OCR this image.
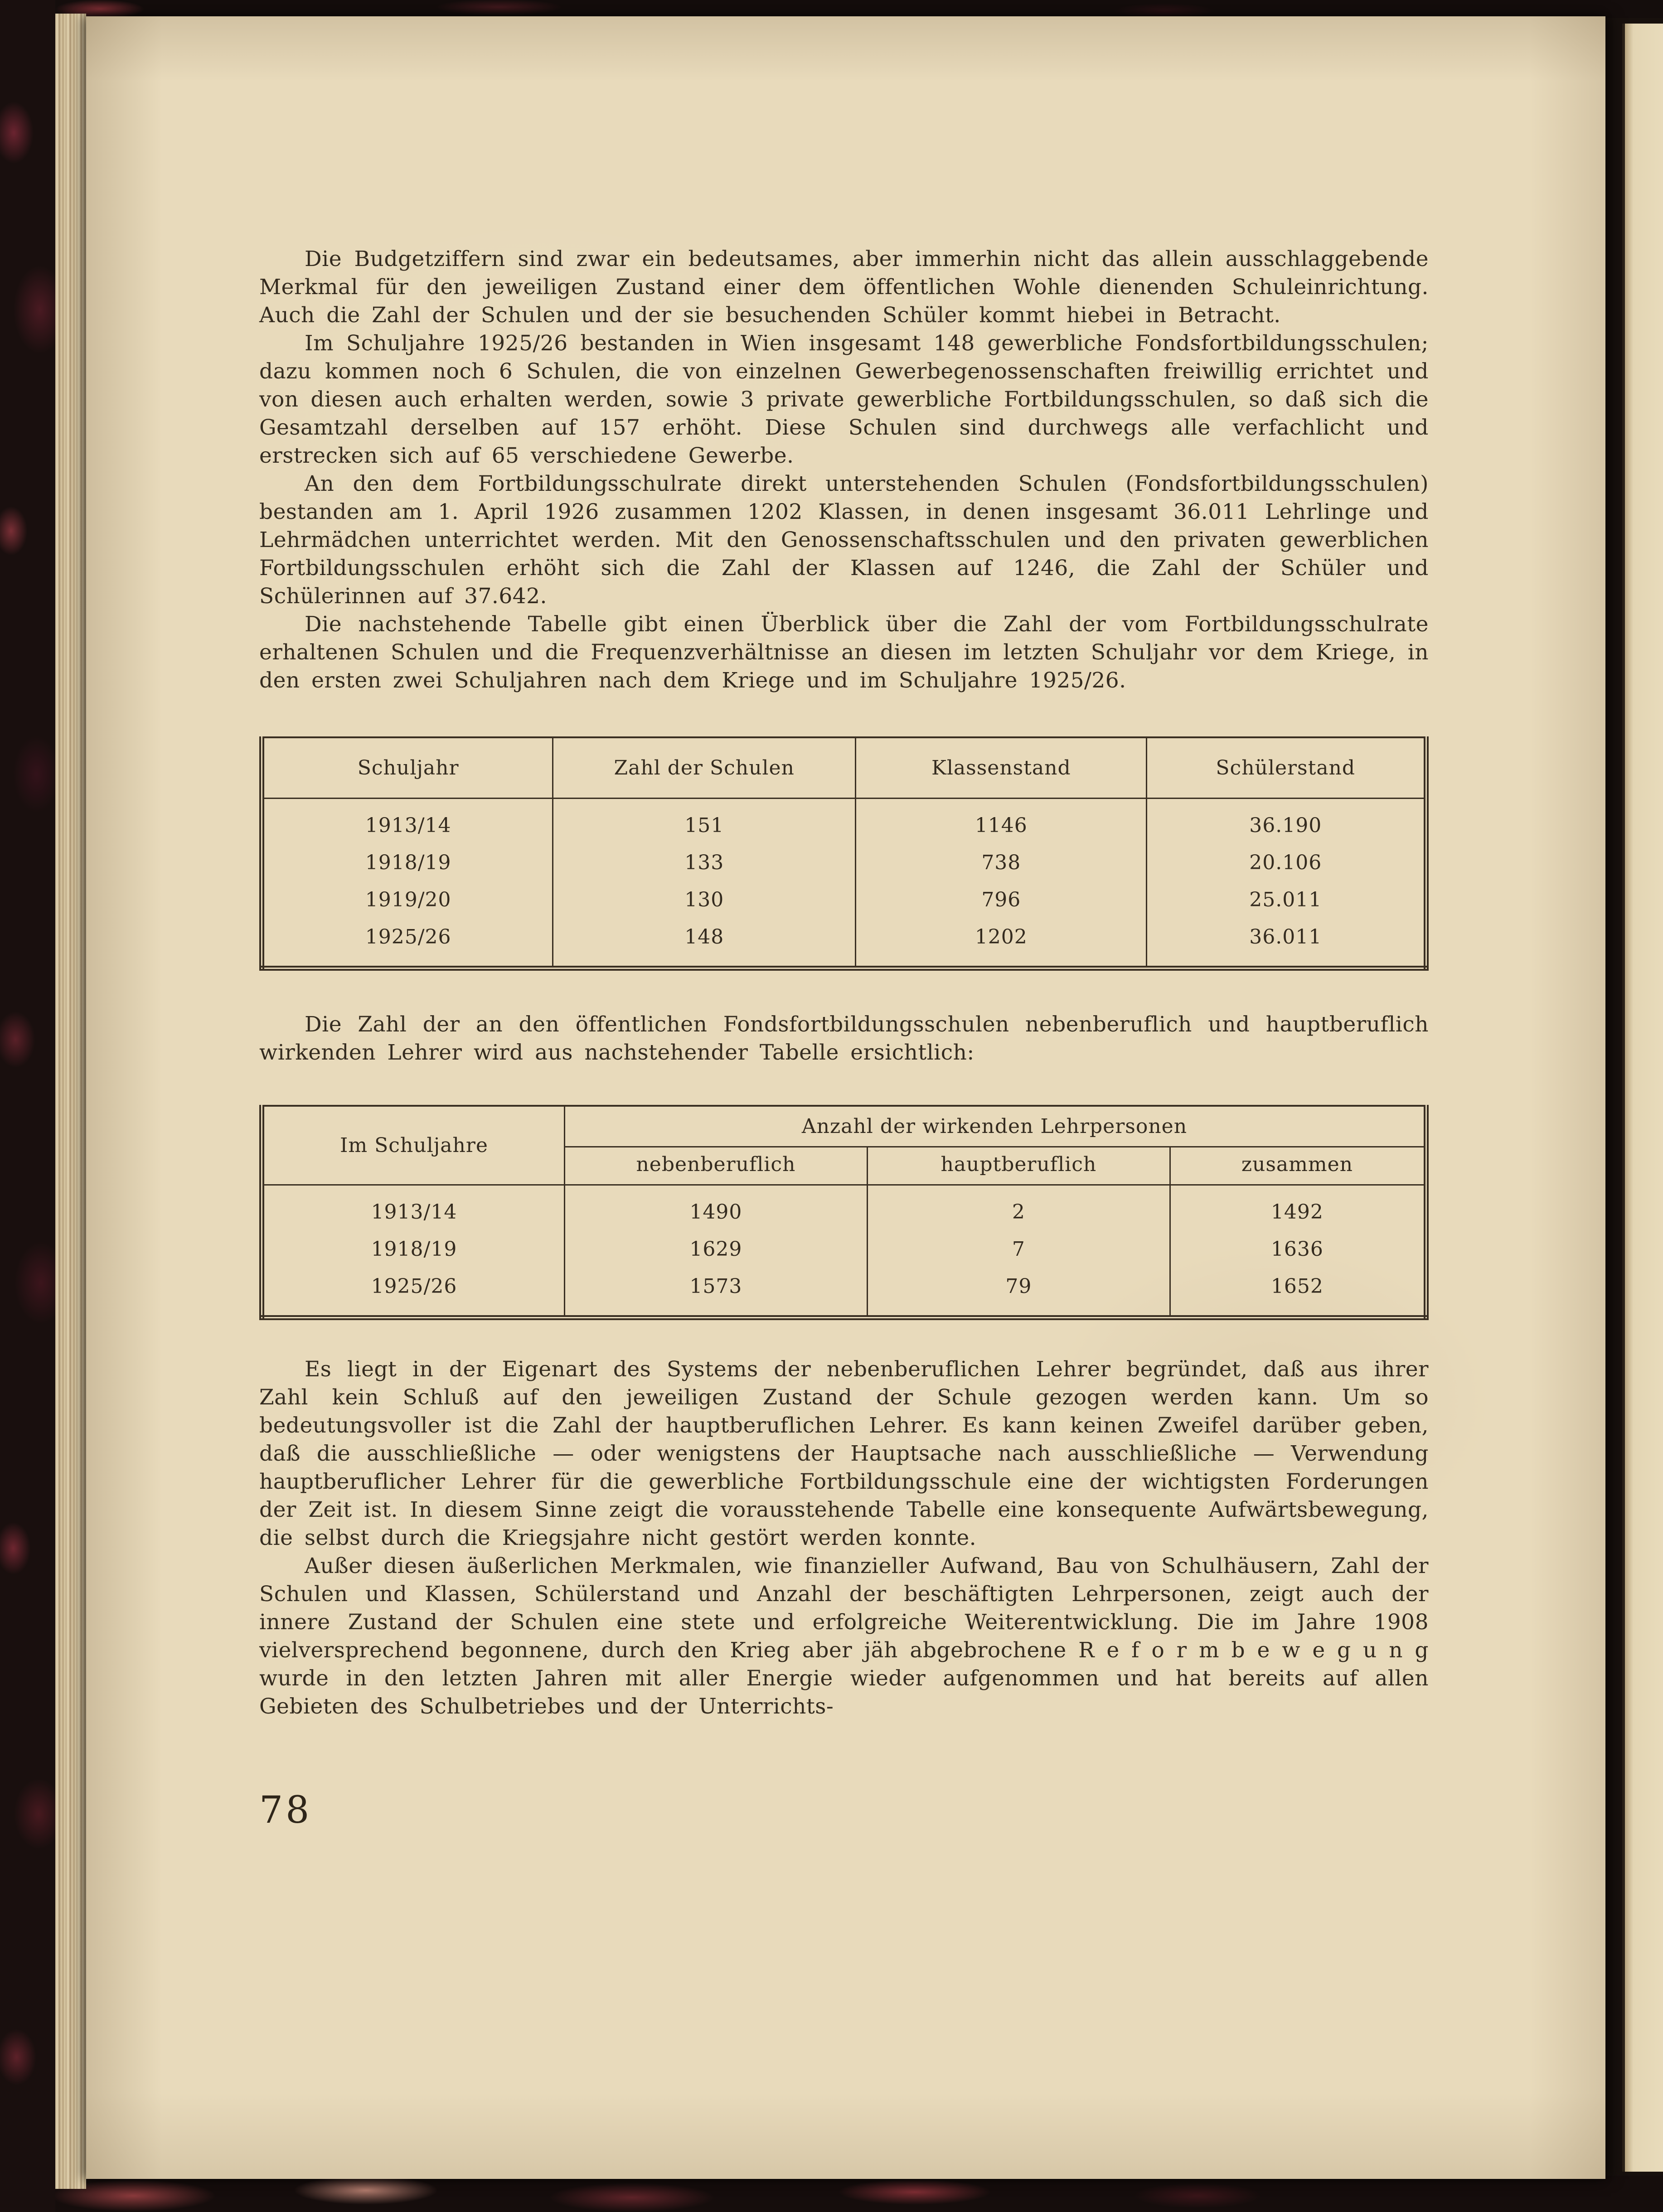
Die Budgetziffern sind zwar ein bedeutsames, aber immerhin nicht das allein ausschlaggebende Merkmal für den jeweiligen Zustand einer dem öffentlichen Wohle dienenden Schuleinrichtung. Auch die Zahl der Schulen und der sie besuchenden Schüler kommt hiebei in Betracht.

Im Schuljahre 1925/26 bestanden in Wien insgesamt 148 gewerbliche Fondsfortbildungsschulen; dazu kommen noch 6 Schulen, die von einzelnen Gewerbegenossenschaften freiwillig errichtet und von diesen auch erhalten werden, sowie 3 private gewerbliche Fortbildungsschulen, so daß sich die Gesamtzahl derselben auf 157 erhöht. Diese Schulen sind durchwegs alle verfachlicht und erstrecken sich auf 65 verschiedene Gewerbe.

An den dem Fortbildungsschulrate direkt unterstehenden Schulen (Fondsfortbildungsschulen) bestanden am 1. April 1926 zusammen 1202 Klassen, in denen insgesamt 36.011 Lehrlinge und Lehrmädchen unterrichtet werden. Mit den Genossenschaftsschulen und den privaten gewerblichen Fortbildungsschulen erhöht sich die Zahl der Klassen auf 1246, die Zahl der Schüler und Schülerinnen auf 37.642.

Die nachstehende Tabelle gibt einen Überblick über die Zahl der vom Fortbildungsschulrate erhaltenen Schulen und die Frequenzverhältnisse an diesen im letzten Schuljahr vor dem Kriege, in den ersten zwei Schuljahren nach dem Kriege und im Schuljahre 1925/26.

Schuljahr	Zahl der Schulen	Klassenstand	Schülerstand
1913/14	151	1146	36.190
1918/19	133	738	20.106
1919/20	130	796	25.011
1925/26	148	1202	36.011

Die Zahl der an den öffentlichen Fondsfortbildungsschulen nebenberuflich und hauptberuflich wirkenden Lehrer wird aus nachstehender Tabelle ersichtlich:

Im Schuljahre	Anzahl der wirkenden Lehrpersonen		
	nebenberuflich	hauptberuflich	zusammen
1913/14	1490	2	1492
1918/19	1629	7	1636
1925/26	1573	79	1652

Es liegt in der Eigenart des Systems der nebenberuflichen Lehrer begründet, daß aus ihrer Zahl kein Schluß auf den jeweiligen Zustand der Schule gezogen werden kann. Um so bedeutungsvoller ist die Zahl der hauptberuflichen Lehrer. Es kann keinen Zweifel darüber geben, daß die ausschließliche — oder wenigstens der Hauptsache nach ausschließliche — Verwendung hauptberuflicher Lehrer für die gewerbliche Fortbildungsschule eine der wichtigsten Forderungen der Zeit ist. In diesem Sinne zeigt die vorausstehende Tabelle eine konsequente Aufwärtsbewegung, die selbst durch die Kriegsjahre nicht gestört werden konnte.

Außer diesen äußerlichen Merkmalen, wie finanzieller Aufwand, Bau von Schulhäusern, Zahl der Schulen und Klassen, Schülerstand und Anzahl der beschäftigten Lehrpersonen, zeigt auch der innere Zustand der Schulen eine stete und erfolgreiche Weiterentwicklung. Die im Jahre 1908 vielversprechend begonnene, durch den Krieg aber jäh abgebrochene R e f o r m b e w e g u n g wurde in den letzten Jahren mit aller Energie wieder aufgenommen und hat bereits auf allen Gebieten des Schulbetriebes und der Unterrichts-

78
